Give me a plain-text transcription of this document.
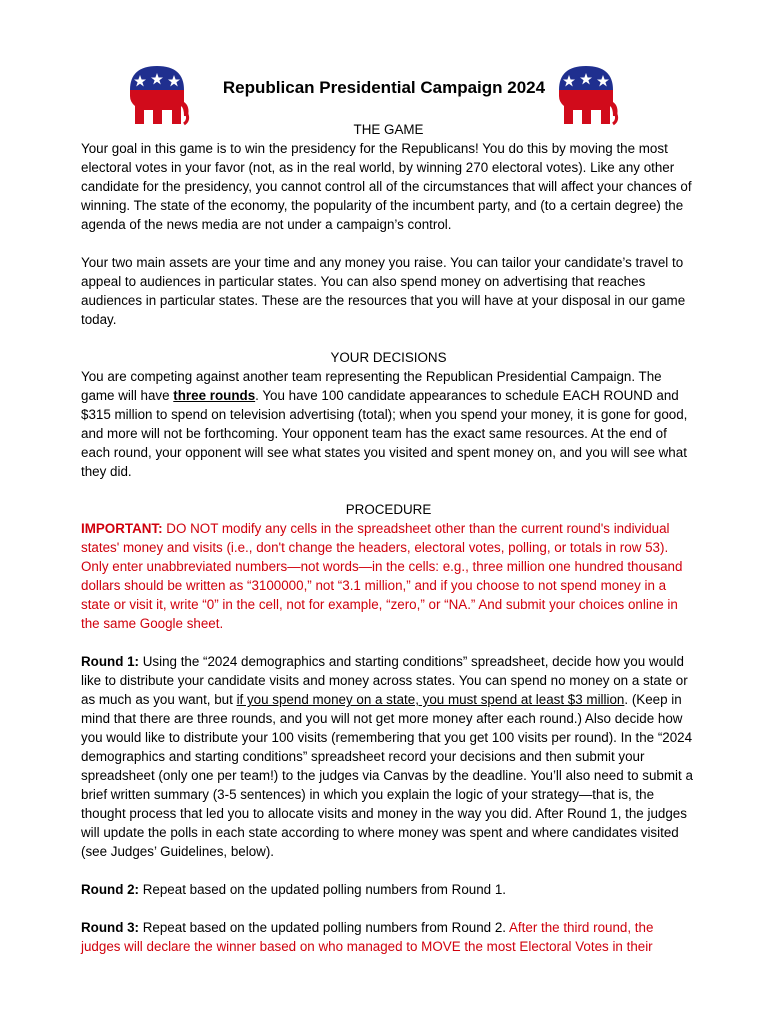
Republican Presidential Campaign 2024

THE GAME

Your goal in this game is to win the presidency for the Republicans! You do this by moving the most electoral votes in your favor (not, as in the real world, by winning 270 electoral votes). Like any other candidate for the presidency, you cannot control all of the circumstances that will affect your chances of winning. The state of the economy, the popularity of the incumbent party, and (to a certain degree) the agenda of the news media are not under a campaign’s control.

Your two main assets are your time and any money you raise. You can tailor your candidate’s travel to appeal to audiences in particular states. You can also spend money on advertising that reaches audiences in particular states. These are the resources that you will have at your disposal in our game today.

YOUR DECISIONS

You are competing against another team representing the Republican Presidential Campaign. The game will have three rounds. You have 100 candidate appearances to schedule EACH ROUND and $315 million to spend on television advertising (total); when you spend your money, it is gone for good, and more will not be forthcoming. Your opponent team has the exact same resources. At the end of each round, your opponent will see what states you visited and spent money on, and you will see what they did.

PROCEDURE

IMPORTANT: DO NOT modify any cells in the spreadsheet other than the current round's individual states' money and visits (i.e., don't change the headers, electoral votes, polling, or totals in row 53). Only enter unabbreviated numbers—not words—in the cells: e.g., three million one hundred thousand dollars should be written as “3100000,” not “3.1 million,” and if you choose to not spend money in a state or visit it, write “0” in the cell, not for example, “zero,” or “NA.” And submit your choices online in the same Google sheet.

Round 1: Using the “2024 demographics and starting conditions” spreadsheet, decide how you would like to distribute your candidate visits and money across states. You can spend no money on a state or as much as you want, but if you spend money on a state, you must spend at least $3 million. (Keep in mind that there are three rounds, and you will not get more money after each round.) Also decide how you would like to distribute your 100 visits (remembering that you get 100 visits per round). In the “2024 demographics and starting conditions” spreadsheet record your decisions and then submit your spreadsheet (only one per team!) to the judges via Canvas by the deadline. You’ll also need to submit a brief written summary (3-5 sentences) in which you explain the logic of your strategy—that is, the thought process that led you to allocate visits and money in the way you did. After Round 1, the judges will update the polls in each state according to where money was spent and where candidates visited (see Judges’ Guidelines, below).

Round 2: Repeat based on the updated polling numbers from Round 1.

Round 3: Repeat based on the updated polling numbers from Round 2. After the third round, the judges will declare the winner based on who managed to MOVE the most Electoral Votes in their
